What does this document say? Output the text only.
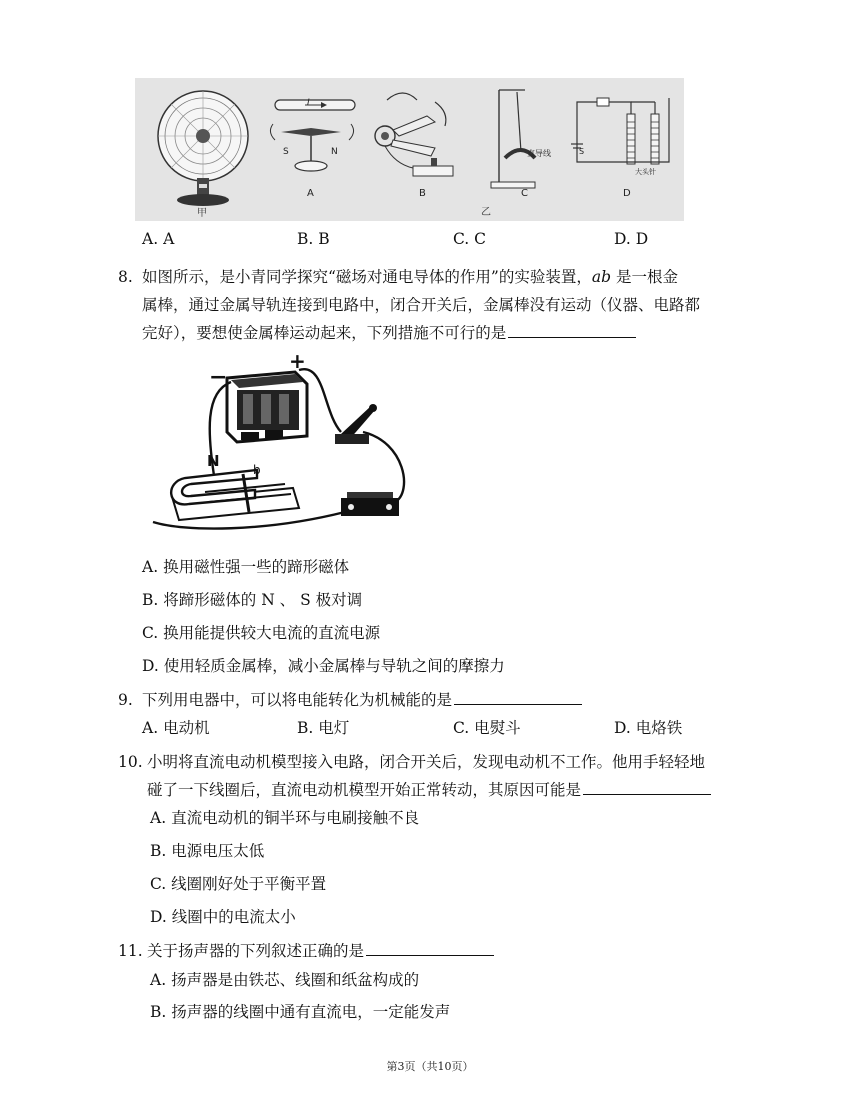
甲
I
S	N
A	B
直导线
C
乙
S
大头针
D
A. A	B. B	C. C	D. D
8. 如图所示，是小青同学探究“磁场对通电导体的作用”的实验装置，ab 是一根金
属棒，通过金属导轨连接到电路中，闭合开关后，金属棒没有运动（仪器、电路都
完好），要想使金属棒运动起来，下列措施不可行的是
−
+
N	b
A. 换用磁性强一些的蹄形磁体
B. 将蹄形磁体的 N 、 S 极对调
C. 换用能提供较大电流的直流电源
D. 使用轻质金属棒，减小金属棒与导轨之间的摩擦力
9. 下列用电器中，可以将电能转化为机械能的是
A. 电动机	B. 电灯	C. 电熨斗	D. 电烙铁
10. 小明将直流电动机模型接入电路，闭合开关后，发现电动机不工作。他用手轻轻地
碰了一下线圈后，直流电动机模型开始正常转动，其原因可能是
A. 直流电动机的铜半环与电刷接触不良
B. 电源电压太低
C. 线圈刚好处于平衡平置
D. 线圈中的电流太小
11. 关于扬声器的下列叙述正确的是
A. 扬声器是由铁芯、线圈和纸盆构成的
B. 扬声器的线圈中通有直流电，一定能发声
第3页（共10页）
